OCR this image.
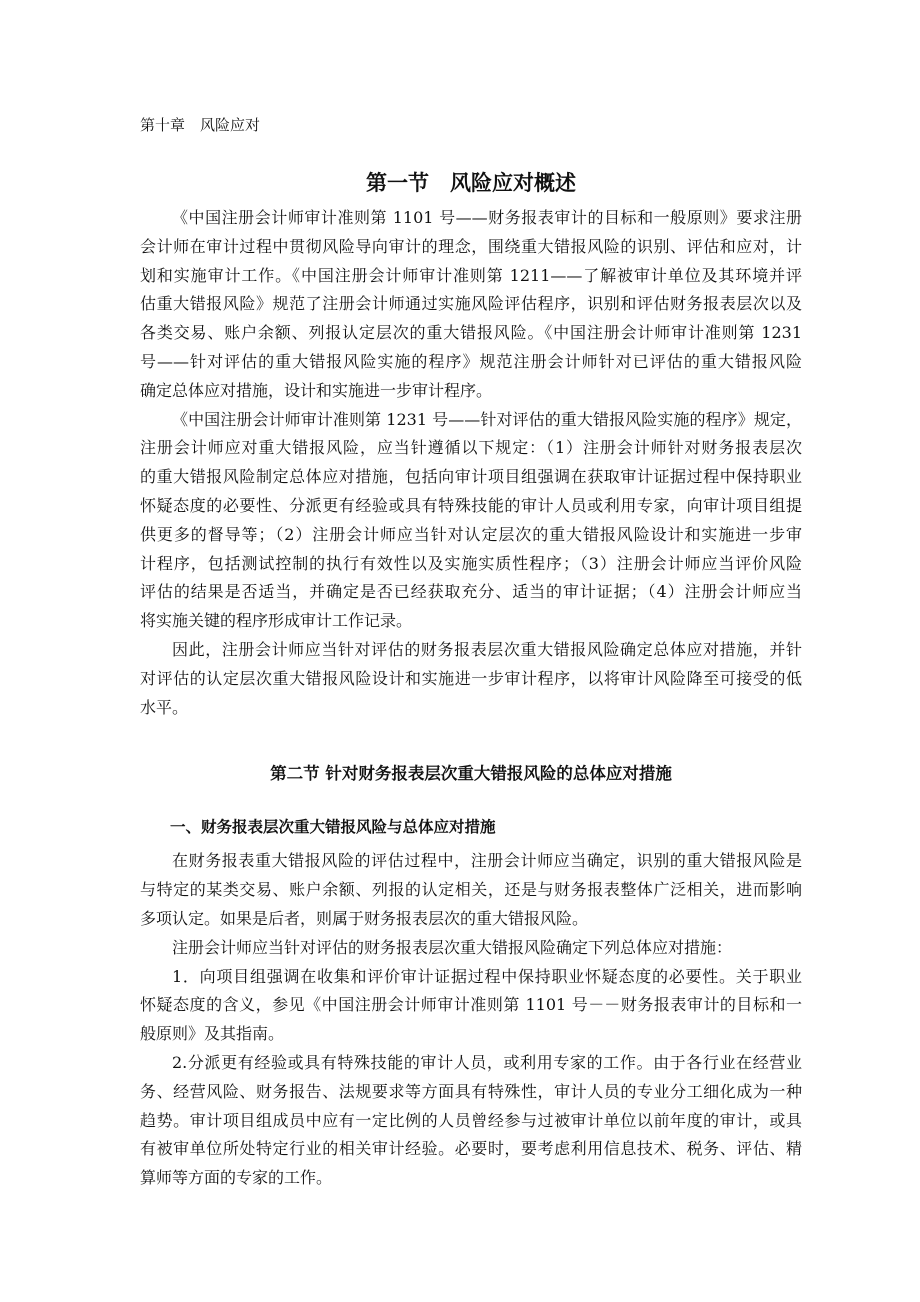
第十章　风险应对
第一节　风险应对概述
《中国注册会计师审计准则第 1101 号——财务报表审计的目标和一般原则》要求注册
会计师在审计过程中贯彻风险导向审计的理念，围绕重大错报风险的识别、评估和应对，计
划和实施审计工作。《中国注册会计师审计准则第 1211——了解被审计单位及其环境并评
估重大错报风险》规范了注册会计师通过实施风险评估程序，识别和评估财务报表层次以及
各类交易、账户余额、列报认定层次的重大错报风险。《中国注册会计师审计准则第 1231
号——针对评估的重大错报风险实施的程序》规范注册会计师针对已评估的重大错报风险
确定总体应对措施，设计和实施进一步审计程序。
《中国注册会计师审计准则第 1231 号——针对评估的重大错报风险实施的程序》规定，
注册会计师应对重大错报风险，应当针遵循以下规定：（1）注册会计师针对财务报表层次
的重大错报风险制定总体应对措施，包括向审计项目组强调在获取审计证据过程中保持职业
怀疑态度的必要性、分派更有经验或具有特殊技能的审计人员或利用专家，向审计项目组提
供更多的督导等；（2）注册会计师应当针对认定层次的重大错报风险设计和实施进一步审
计程序，包括测试控制的执行有效性以及实施实质性程序；（3）注册会计师应当评价风险
评估的结果是否适当，并确定是否已经获取充分、适当的审计证据；（4）注册会计师应当
将实施关键的程序形成审计工作记录。
因此，注册会计师应当针对评估的财务报表层次重大错报风险确定总体应对措施，并针
对评估的认定层次重大错报风险设计和实施进一步审计程序，以将审计风险降至可接受的低
水平。
第二节 针对财务报表层次重大错报风险的总体应对措施
一、财务报表层次重大错报风险与总体应对措施
在财务报表重大错报风险的评估过程中，注册会计师应当确定，识别的重大错报风险是
与特定的某类交易、账户余额、列报的认定相关，还是与财务报表整体广泛相关，进而影响
多项认定。如果是后者，则属于财务报表层次的重大错报风险。
注册会计师应当针对评估的财务报表层次重大错报风险确定下列总体应对措施：
1．向项目组强调在收集和评价审计证据过程中保持职业怀疑态度的必要性。关于职业
怀疑态度的含义，参见《中国注册会计师审计准则第 1101 号－－财务报表审计的目标和一
般原则》及其指南。
2.分派更有经验或具有特殊技能的审计人员，或利用专家的工作。由于各行业在经营业
务、经营风险、财务报告、法规要求等方面具有特殊性，审计人员的专业分工细化成为一种
趋势。审计项目组成员中应有一定比例的人员曾经参与过被审计单位以前年度的审计，或具
有被审单位所处特定行业的相关审计经验。必要时，要考虑利用信息技术、税务、评估、精
算师等方面的专家的工作。
